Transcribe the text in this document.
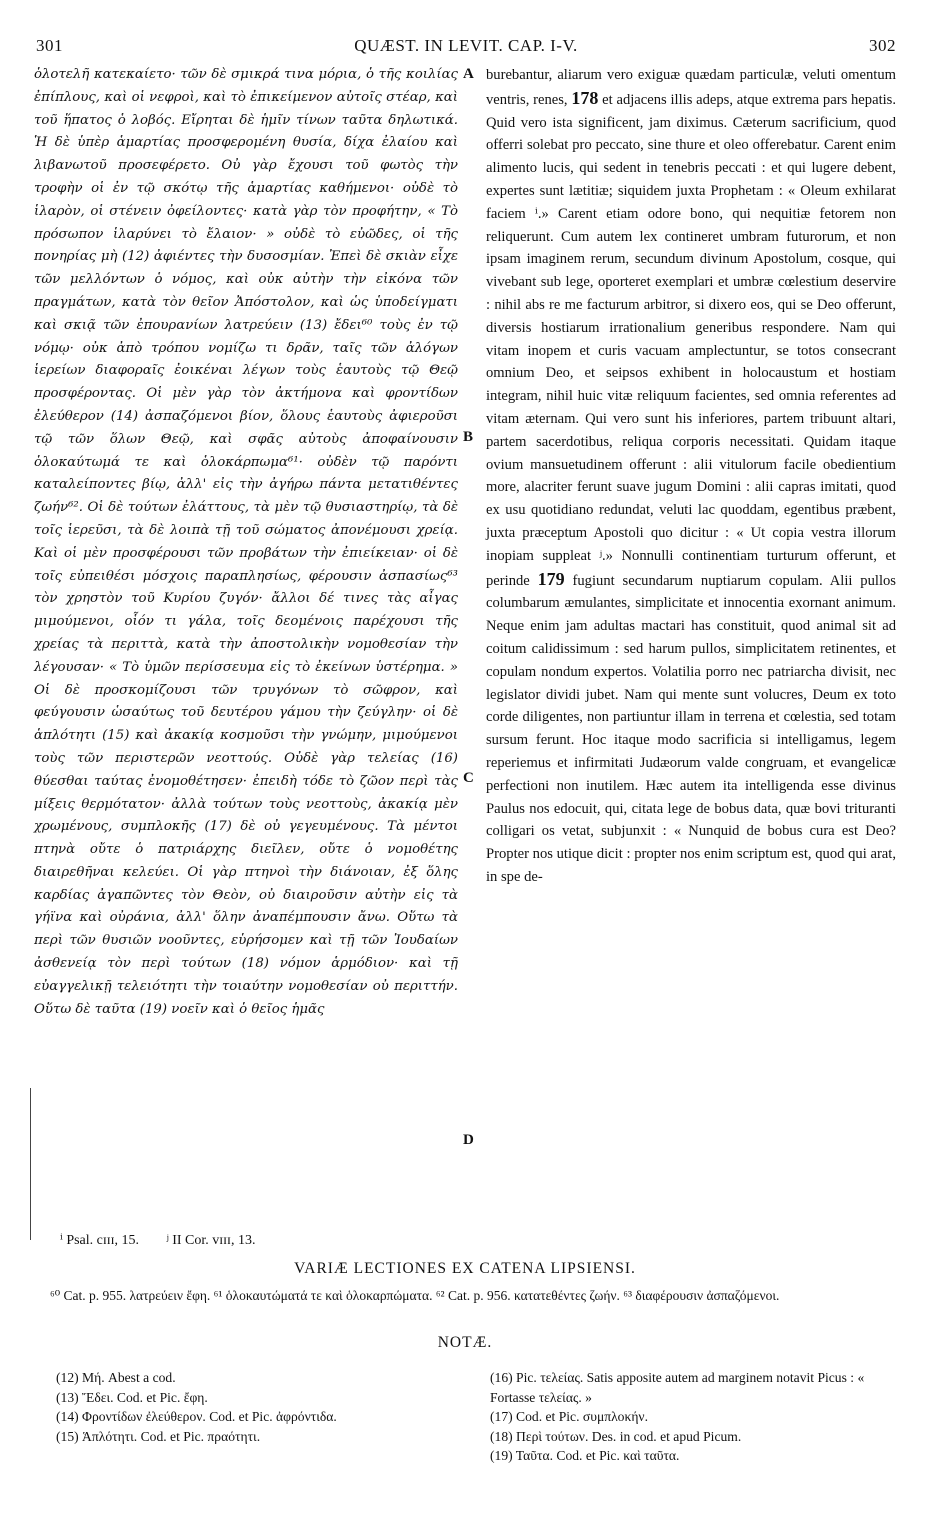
QUÆST. IN LEVIT. CAP. I-V.
301	302

ὁλοτελῆ κατεκαίετο· τῶν δὲ σμικρά τινα μόρια, ὁ τῆς κοιλίας ἐπίπλους, καὶ οἱ νεφροὶ, καὶ τὸ ἐπικείμενον αὐτοῖς στέαρ, καὶ τοῦ ἥπατος ὁ λοβός. Εἴρηται δὲ ἡμῖν τίνων ταῦτα δηλωτικά. Ἡ δὲ ὑπὲρ ἁμαρτίας προσφερομένη θυσία, δίχα ἐλαίου καὶ λιβανωτοῦ προσεφέρετο. Οὐ γὰρ ἔχουσι τοῦ φωτὸς τὴν τροφὴν οἱ ἐν τῷ σκότῳ τῆς ἁμαρτίας καθήμενοι· οὐδὲ τὸ ἱλαρὸν, οἱ στένειν ὀφείλοντες· κατὰ γὰρ τὸν προφήτην, « Τὸ πρόσωπον ἱλαρύνει τὸ ἔλαιον· » οὐδὲ τὸ εὐῶδες, οἱ τῆς πονηρίας μὴ (12) ἀφιέντες τὴν δυσοσμίαν. Ἐπεὶ δὲ σκιὰν εἶχε τῶν μελλόντων ὁ νόμος, καὶ οὐκ αὐτὴν τὴν εἰκόνα τῶν πραγμάτων, κατὰ τὸν θεῖον Ἀπόστολον, καὶ ὡς ὑποδείγματι καὶ σκιᾷ τῶν ἐπουρανίων λατρεύειν (13) ἔδει⁶⁰ τοὺς ἐν τῷ νόμῳ· οὐκ ἀπὸ τρόπου νομίζω τι δρᾶν, ταῖς τῶν ἀλόγων ἱερείων διαφοραῖς ἐοικέναι λέγων τοὺς ἑαυτοὺς τῷ Θεῷ προσφέροντας. Οἱ μὲν γὰρ τὸν ἀκτήμονα καὶ φροντίδων ἐλεύθερον (14) ἀσπαζόμενοι βίον, ὅλους ἑαυτοὺς ἀφιεροῦσι τῷ τῶν ὅλων Θεῷ, καὶ σφᾶς αὐτοὺς ἀποφαίνουσιν ὁλοκαύτωμά τε καὶ ὁλοκάρπωμα⁶¹· οὐδὲν τῷ παρόντι καταλείποντες βίῳ, ἀλλ' εἰς τὴν ἀγήρω πάντα μετατιθέντες ζωήν⁶². Οἱ δὲ τούτων ἐλάττους, τὰ μὲν τῷ θυσιαστηρίῳ, τὰ δὲ τοῖς ἱερεῦσι, τὰ δὲ λοιπὰ τῇ τοῦ σώματος ἀπονέμουσι χρείᾳ. Καὶ οἱ μὲν προσφέρουσι τῶν προβάτων τὴν ἐπιείκειαν· οἱ δὲ τοῖς εὐπειθέσι μόσχοις παραπλησίως, φέρουσιν ἀσπασίως⁶³ τὸν χρηστὸν τοῦ Κυρίου ζυγόν· ἄλλοι δέ τινες τὰς αἶγας μιμούμενοι, οἷόν τι γάλα, τοῖς δεομένοις παρέχουσι τῆς χρείας τὰ περιττὰ, κατὰ τὴν ἀποστολικὴν νομοθεσίαν τὴν λέγουσαν· « Τὸ ὑμῶν περίσσευμα εἰς τὸ ἐκείνων ὑστέρημα. » Οἱ δὲ προσκομίζουσι τῶν τρυγόνων τὸ σῶφρον, καὶ φεύγουσιν ὡσαύτως τοῦ δευτέρου γάμου τὴν ζεύγλην· οἱ δὲ ἁπλότητι (15) καὶ ἀκακίᾳ κοσμοῦσι τὴν γνώμην, μιμούμενοι τοὺς τῶν περιστερῶν νεοττούς. Οὐδὲ γὰρ τελείας (16) θύεσθαι ταύτας ἐνομοθέτησεν· ἐπειδὴ τόδε τὸ ζῶον περὶ τὰς μίξεις θερμότατον· ἀλλὰ τούτων τοὺς νεοττοὺς, ἀκακίᾳ μὲν χρωμένους, συμπλοκῆς (17) δὲ οὐ γεγευμένους. Τὰ μέντοι πτηνὰ οὔτε ὁ πατριάρχης διεῖλεν, οὔτε ὁ νομοθέτης διαιρεθῆναι κελεύει. Οἱ γὰρ πτηνοὶ τὴν διάνοιαν, ἐξ ὅλης καρδίας ἀγαπῶντες τὸν Θεὸν, οὐ διαιροῦσιν αὐτὴν εἰς τὰ γήϊνα καὶ οὐράνια, ἀλλ' ὅλην ἀναπέμπουσιν ἄνω. Οὕτω τὰ περὶ τῶν θυσιῶν νοοῦντες, εὑρήσομεν καὶ τῇ τῶν Ἰουδαίων ἀσθενείᾳ τὸν περὶ τούτων (18) νόμον ἁρμόδιον· καὶ τῇ εὐαγγελικῇ τελειότητι τὴν τοιαύτην νομοθεσίαν οὐ περιττήν. Οὕτω δὲ ταῦτα (19) νοεῖν καὶ ὁ θεῖος ἡμᾶς

burebantur, aliarum vero exiguæ quædam particulæ, veluti omentum ventris, renes, 178 et adjacens illis adeps, atque extrema pars hepatis. Quid vero ista significent, jam diximus. Cæterum sacrificium, quod offerri solebat pro peccato, sine thure et oleo offerebatur. Carent enim alimento lucis, qui sedent in tenebris peccati : et qui lugere debent, expertes sunt lætitiæ; siquidem juxta Prophetam : « Oleum exhilarat faciem ⁱ.» Carent etiam odore bono, qui nequitiæ fetorem non reliquerunt. Cum autem lex contineret umbram futurorum, et non ipsam imaginem rerum, secundum divinum Apostolum, cosque, qui vivebant sub lege, oporteret exemplari et umbræ cœlestium deservire : nihil abs re me facturum arbitror, si dixero eos, qui se Deo offerunt, diversis hostiarum irrationalium generibus respondere. Nam qui vitam inopem et curis vacuam amplectuntur, se totos consecrant omnium Deo, et seipsos exhibent in holocaustum et hostiam integram, nihil huic vitæ reliquum facientes, sed omnia referentes ad vitam æternam. Qui vero sunt his inferiores, partem tribuunt altari, partem sacerdotibus, reliqua corporis necessitati. Quidam itaque ovium mansuetudinem offerunt : alii vitulorum facile obedientium more, alacriter ferunt suave jugum Domini : alii capras imitati, quod ex usu quotidiano redundat, veluti lac quoddam, egentibus præbent, juxta præceptum Apostoli quo dicitur : « Ut copia vestra illorum inopiam suppleat ʲ.» Nonnulli continentiam turturum offerunt, et perinde 179 fugiunt secundarum nuptiarum copulam. Alii pullos columbarum æmulantes, simplicitate et innocentia exornant animum. Neque enim jam adultas mactari has constituit, quod animal sit ad coitum calidissimum : sed harum pullos, simplicitatem retinentes, et copulam nondum expertos. Volatilia porro nec patriarcha divisit, nec legislator dividi jubet. Nam qui mente sunt volucres, Deum ex toto corde diligentes, non partiuntur illam in terrena et cœlestia, sed totam sursum ferunt. Hoc itaque modo sacrificia si intelligamus, legem reperiemus et infirmitati Judæorum valde congruam, et evangelicæ perfectioni non inutilem. Hæc autem ita intelligenda esse divinus Paulus nos edocuit, qui, citata lege de bobus data, quæ bovi trituranti colligari os vetat, subjunxit : « Nunquid de bobus cura est Deo? Propter nos utique dicit : propter nos enim scriptum est, quod qui arat, in spe de-

A
B
C
D
ⁱ Psal. cɪɪɪ, 15. ʲ II Cor. vɪɪɪ, 13.
VARIÆ LECTIONES EX CATENA LIPSIENSI.
⁶⁰ Cat. p. 955. λατρεύειν ἔφη. ⁶¹ ὁλοκαυτώματά τε καὶ ὁλοκαρπώματα. ⁶² Cat. p. 956. κατατεθέντες ζωήν. ⁶³ διαφέρουσιν ἀσπαζόμενοι.
NOTÆ.

(12) Μή. Abest a cod.

(13) Ἔδει. Cod. et Pic. ἔφη.

(14) Φροντίδων ἐλεύθερον. Cod. et Pic. ἀφρόντιδα.

(15) Ἁπλότητι. Cod. et Pic. πραότητι.

(16) Pic. τελείας. Satis apposite autem ad marginem notavit Picus : « Fortasse τελείας. »

(17) Cod. et Pic. συμπλοκήν.

(18) Περὶ τούτων. Des. in cod. et apud Picum.

(19) Ταῦτα. Cod. et Pic. καὶ ταῦτα.
